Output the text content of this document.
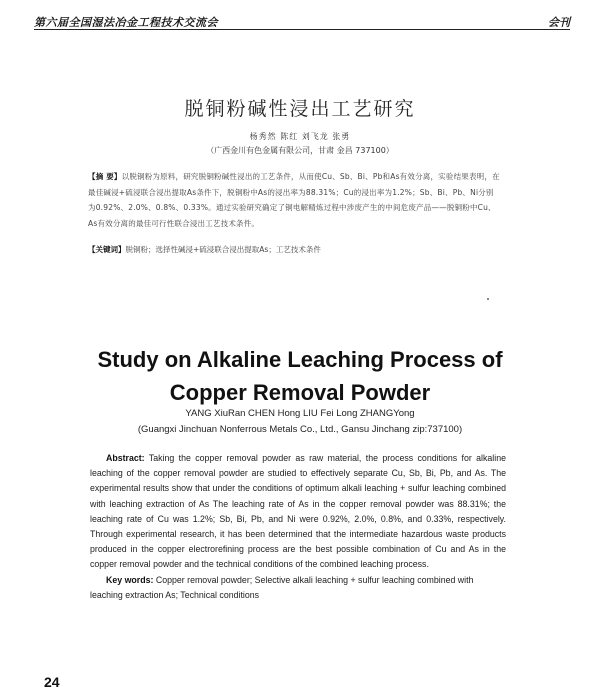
第六届全国湿法冶金工程技术交流会	会刊
脱铜粉碱性浸出工艺研究
杨秀然 陈红 刘飞龙 张勇
（广西金川有色金属有限公司，甘肃 金昌 737100）
【摘 要】以脱铜粉为原料，研究脱铜粉碱性浸出的工艺条件，从而使Cu、Sb、Bi、Pb和As有效分离，实验结果表明，在最佳碱浸+硫浸联合浸出提取As条件下，脱铜粉中As的浸出率为88.31%；Cu的浸出率为1.2%；Sb、Bi、Pb、Ni分别为0.92%、2.0%、0.8%、0.33%。通过实验研究确定了铜电解精炼过程中涉废产生的中间危废产品——脱铜粉中Cu、As有效分离的最佳可行性联合浸出工艺技术条件。
【关键词】脱铜粉；选择性碱浸+硫浸联合浸出提取As；工艺技术条件
Study on Alkaline Leaching Process of
Copper Removal Powder
YANG XiuRan CHEN Hong LIU Fei Long ZHANGYong
(Guangxi Jinchuan Nonferrous Metals Co., Ltd., Gansu Jinchang zip:737100)
Abstract: Taking the copper removal powder as raw material, the process conditions for alkaline leaching of the copper removal powder are studied to effectively separate Cu, Sb, Bi, Pb, and As. The experimental results show that under the conditions of optimum alkali leaching + sulfur leaching combined with leaching extraction of As The leaching rate of As in the copper removal powder was 88.31%; the leaching rate of Cu was 1.2%; Sb, Bi, Pb, and Ni were 0.92%, 2.0%, 0.8%, and 0.33%, respectively. Through experimental research, it has been determined that the intermediate hazardous waste products produced in the copper electrorefining process are the best possible combination of Cu and As in the copper removal powder and the technical conditions of the combined leaching process.
Key words: Copper removal powder; Selective alkali leaching + sulfur leaching combined with leaching extraction As; Technical conditions
24
